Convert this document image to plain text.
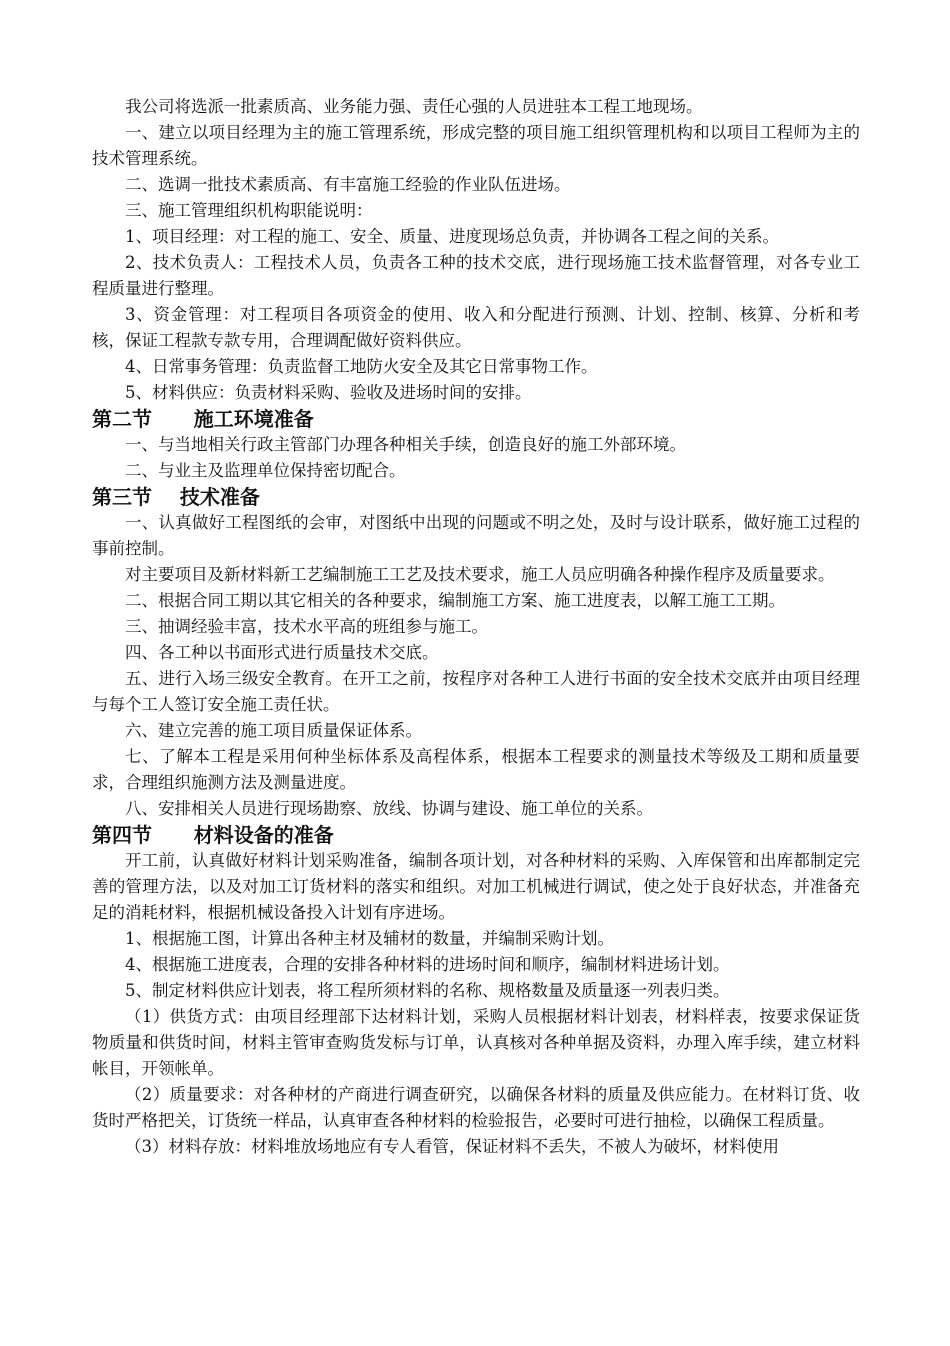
我公司将选派一批素质高、业务能力强、责任心强的人员进驻本工程工地现场。

一、建立以项目经理为主的施工管理系统，形成完整的项目施工组织管理机构和以项目工程师为主的技术管理系统。

二、选调一批技术素质高、有丰富施工经验的作业队伍进场。

三、施工管理组织机构职能说明：

1、项目经理：对工程的施工、安全、质量、进度现场总负责，并协调各工程之间的关系。

2、技术负责人：工程技术人员，负责各工种的技术交底，进行现场施工技术监督管理，对各专业工程质量进行整理。

3、资金管理：对工程项目各项资金的使用、收入和分配进行预测、计划、控制、核算、分析和考核，保证工程款专款专用，合理调配做好资料供应。

4、日常事务管理：负责监督工地防火安全及其它日常事物工作。

5、材料供应：负责材料采购、验收及进场时间的安排。

第二节      施工环境准备

一、与当地相关行政主管部门办理各种相关手续，创造良好的施工外部环境。

二、与业主及监理单位保持密切配合。

第三节    技术准备

一、认真做好工程图纸的会审，对图纸中出现的问题或不明之处，及时与设计联系，做好施工过程的事前控制。

对主要项目及新材料新工艺编制施工工艺及技术要求，施工人员应明确各种操作程序及质量要求。

二、根据合同工期以其它相关的各种要求，编制施工方案、施工进度表，以解工施工工期。

三、抽调经验丰富，技术水平高的班组参与施工。

四、各工种以书面形式进行质量技术交底。

五、进行入场三级安全教育。在开工之前，按程序对各种工人进行书面的安全技术交底并由项目经理与每个工人签订安全施工责任状。

六、建立完善的施工项目质量保证体系。

七、了解本工程是采用何种坐标体系及高程体系，根据本工程要求的测量技术等级及工期和质量要求，合理组织施测方法及测量进度。

八、安排相关人员进行现场勘察、放线、协调与建设、施工单位的关系。

第四节      材料设备的准备

开工前，认真做好材料计划采购准备，编制各项计划，对各种材料的采购、入库保管和出库都制定完善的管理方法，以及对加工订货材料的落实和组织。对加工机械进行调试，使之处于良好状态，并准备充足的消耗材料，根据机械设备投入计划有序进场。

1、根据施工图，计算出各种主材及辅材的数量，并编制采购计划。

4、根据施工进度表，合理的安排各种材料的进场时间和顺序，编制材料进场计划。

5、制定材料供应计划表，将工程所须材料的名称、规格数量及质量逐一列表归类。

（1）供货方式：由项目经理部下达材料计划，采购人员根据材料计划表，材料样表，按要求保证货物质量和供货时间，材料主管审查购货发标与订单，认真核对各种单据及资料，办理入库手续，建立材料帐目，开领帐单。

（2）质量要求：对各种材的产商进行调查研究，以确保各材料的质量及供应能力。在材料订货、收货时严格把关，订货统一样品，认真审查各种材料的检验报告，必要时可进行抽检，以确保工程质量。

（3）材料存放：材料堆放场地应有专人看管，保证材料不丢失，不被人为破坏，材料使用
